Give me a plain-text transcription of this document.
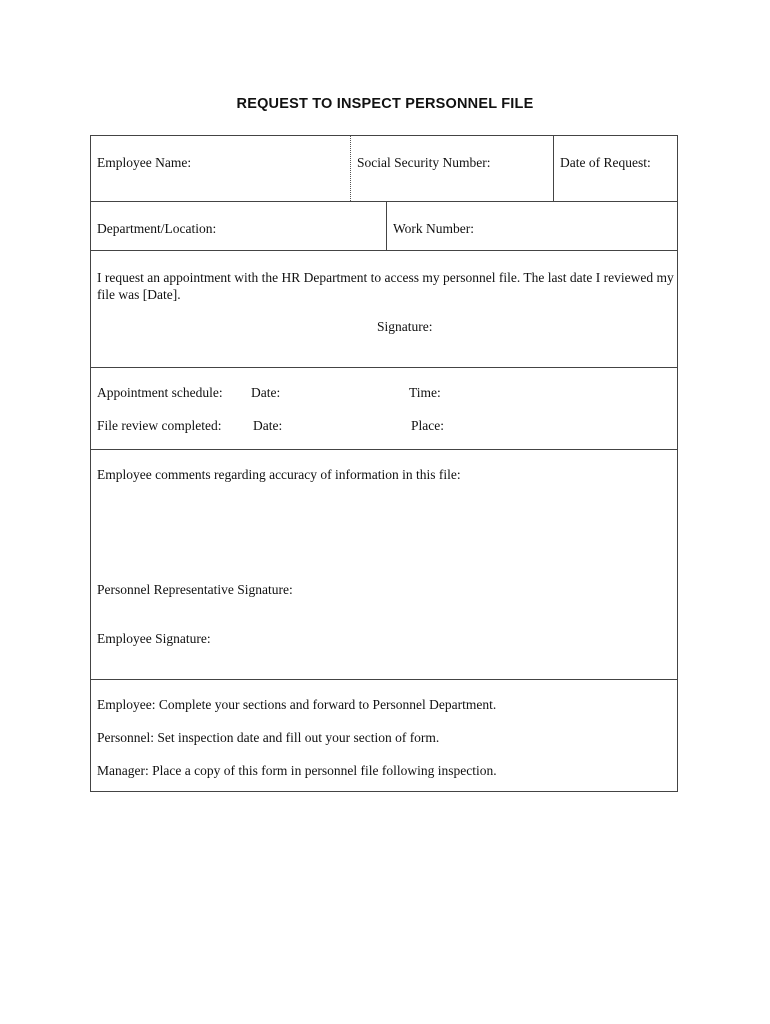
REQUEST TO INSPECT PERSONNEL FILE
Employee Name:	Social Security Number:	Date of Request:
Department/Location:	Work Number:
I request an appointment with the HR Department to access my personnel file. The last date I reviewed my file was [Date].
Signature:
Appointment schedule: Date:	Time:
File review completed: Date:	Place:
Employee comments regarding accuracy of information in this file:
Personnel Representative Signature:
Employee Signature:
Employee: Complete your sections and forward to Personnel Department.
Personnel: Set inspection date and fill out your section of form.
Manager: Place a copy of this form in personnel file following inspection.
